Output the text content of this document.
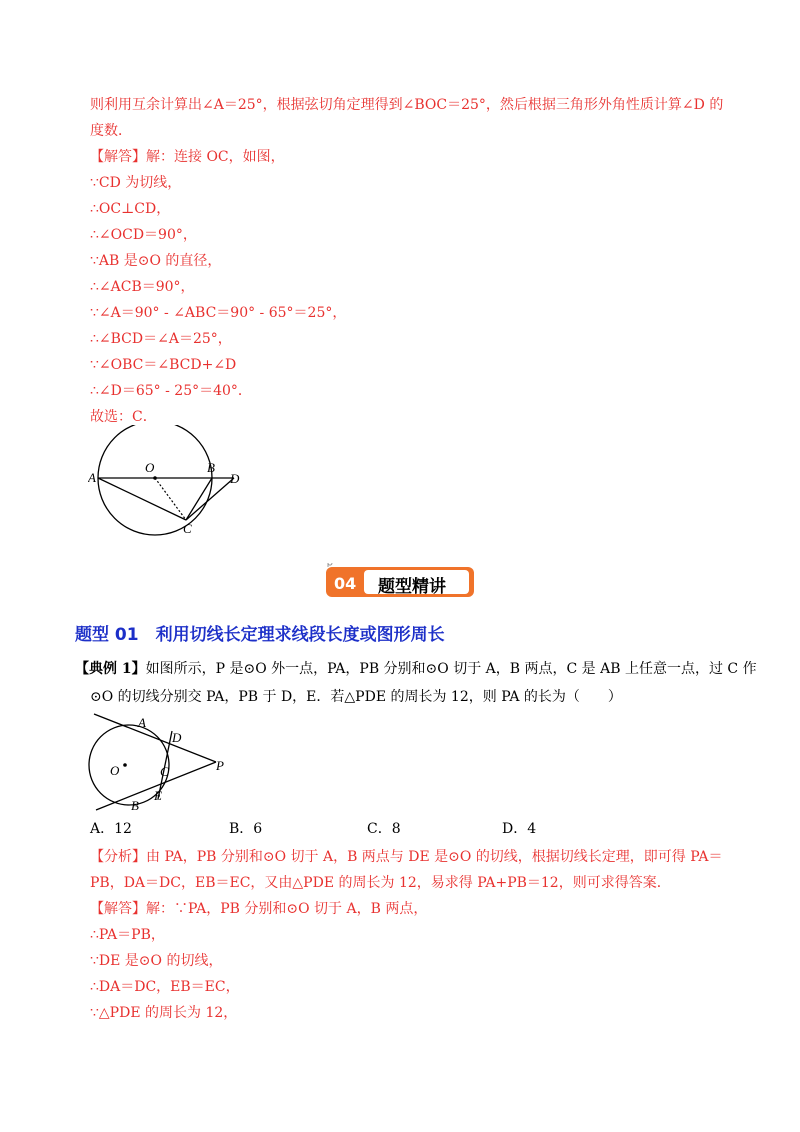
则利用互余计算出∠A＝25°，根据弦切角定理得到∠BOC＝25°，然后根据三角形外角性质计算∠D 的
度数．
【解答】解：连接 OC，如图，
∵CD 为切线，
∴OC⊥CD，
∴∠OCD＝90°，
∵AB 是⊙O 的直径，
∴∠ACB＝90°，
∵∠A＝90° - ∠ABC＝90° - 65°＝25°，
∴∠BCD＝∠A＝25°，
∵∠OBC＝∠BCD+∠D
∴∠D＝65° - 25°＝40°．
故选：C．
A
O	B
D
C
04 题型精讲
题型 01　利用切线长定理求线段长度或图形周长
【典例 1】如图所示，P 是⊙O 外一点，PA，PB 分别和⊙O 切于 A，B 两点，C 是 AB 上任意一点，过 C 作
⊙O 的切线分别交 PA，PB 于 D，E．若△PDE 的周长为 12，则 PA 的长为（　　）
A
D
O	C	P
E
B
A．12	B．6	C．8	D．4
【分析】由 PA，PB 分别和⊙O 切于 A，B 两点与 DE 是⊙O 的切线，根据切线长定理，即可得 PA＝
PB，DA＝DC，EB＝EC，又由△PDE 的周长为 12，易求得 PA+PB＝12，则可求得答案．
【解答】解：∵PA，PB 分别和⊙O 切于 A，B 两点，
∴PA＝PB，
∵DE 是⊙O 的切线，
∴DA＝DC，EB＝EC，
∵△PDE 的周长为 12，
